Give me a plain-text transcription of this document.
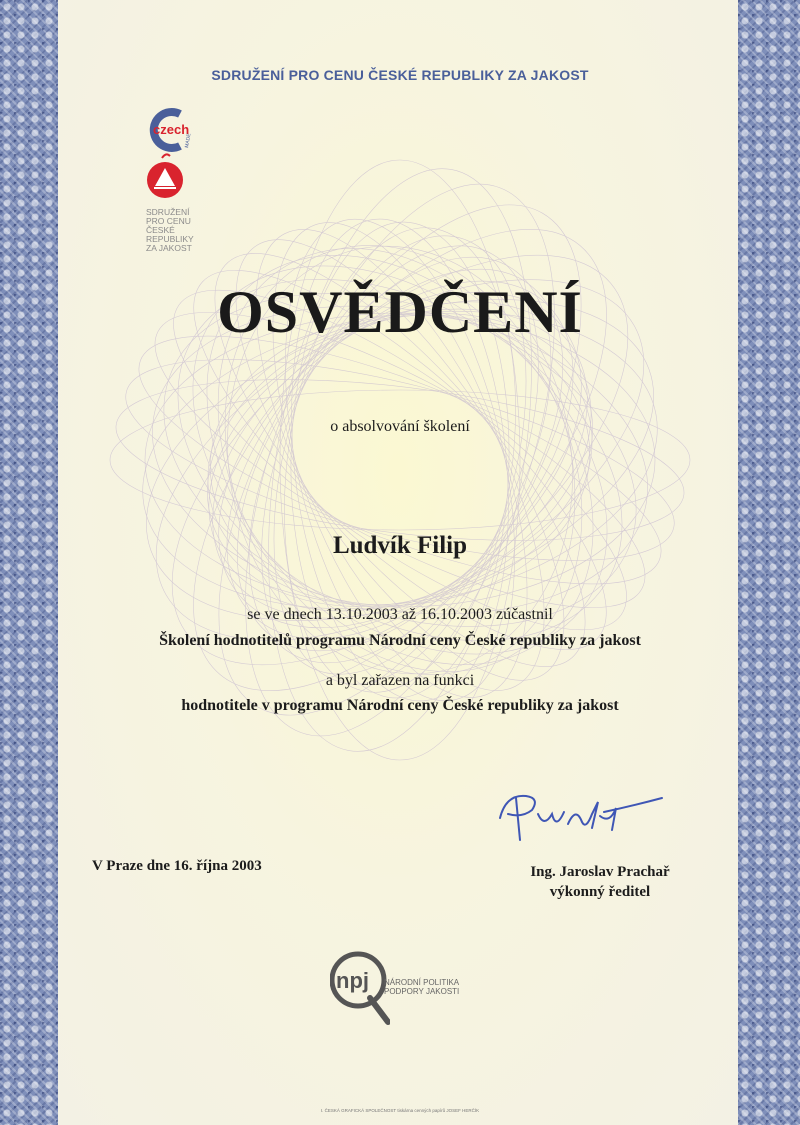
SDRUŽENÍ PRO CENU ČESKÉ REPUBLIKY ZA JAKOST
czech
MADE
SDRUŽENÍ
PRO CENU
ČESKÉ
REPUBLIKY
ZA JAKOST
OSVĚDČENÍ
o absolvování školení
Ludvík Filip
se ve dnech 13.10.2003 až 16.10.2003 zúčastnil
Školení hodnotitelů programu Národní ceny České republiky za jakost
a byl zařazen na funkci
hodnotitele v programu Národní ceny České republiky za jakost
V Praze dne 16. října 2003	Ing. Jaroslav Prachař
výkonný ředitel
npj NÁRODNÍ POLITIKA
PODPORY JAKOSTI
I. ČESKÁ GRAFICKÁ SPOLEČNOST tiskárna cenných papírů JOSEF HERČÍK
